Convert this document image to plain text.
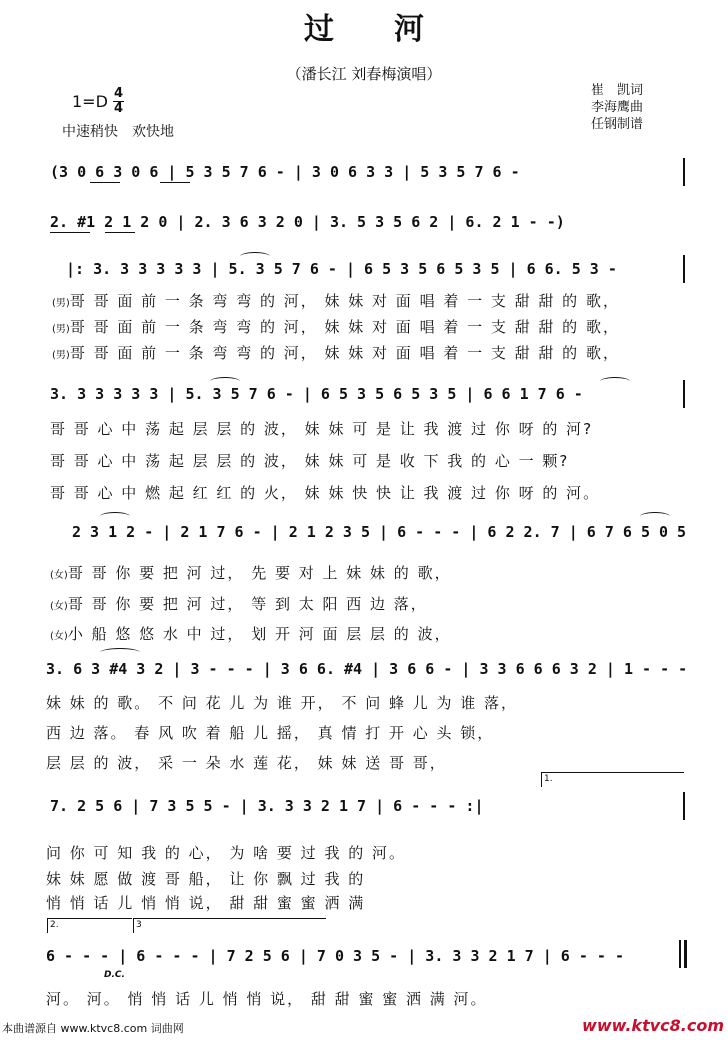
过河
（潘长江 刘春梅演唱）
崔　凯词
李海鹰曲
任钢制谱
1=D 4
4
中速稍快　欢快地
(3 0 6 3 0 6 | 5 3 5 7 6 - | 3 0 6 3 3 | 5 3 5 7 6 -
2. #1 2 1 2 0 | 2. 3 6 3 2 0 | 3. 5 3 5 6 2 | 6. 2 1 - -)
|: 3. 3 3 3 3 3 | 5. 3 5 7 6 - | 6 5 3 5 6 5 3 5 | 6 6. 5 3 -
(男)哥 哥 面 前 一 条 弯 弯 的 河， 妹 妹 对 面 唱 着 一 支 甜 甜 的 歌，
(男)哥 哥 面 前 一 条 弯 弯 的 河， 妹 妹 对 面 唱 着 一 支 甜 甜 的 歌，
(男)哥 哥 面 前 一 条 弯 弯 的 河， 妹 妹 对 面 唱 着 一 支 甜 甜 的 歌，
3. 3 3 3 3 3 | 5. 3 5 7 6 - | 6 5 3 5 6 5 3 5 | 6 6 1 7 6 -
哥 哥 心 中 荡 起 层 层 的 波， 妹 妹 可 是 让 我 渡 过 你 呀 的 河?
哥 哥 心 中 荡 起 层 层 的 波， 妹 妹 可 是 收 下 我 的 心 一 颗?
哥 哥 心 中 燃 起 红 红 的 火， 妹 妹 快 快 让 我 渡 过 你 呀 的 河。
2 3 1 2 - | 2 1 7 6 - | 2 1 2 3 5 | 6 - - - | 6 2 2. 7 | 6 7 6 5 0 5
(女)哥 哥 你 要 把 河 过， 先 要 对 上 妹 妹 的 歌，
(女)哥 哥 你 要 把 河 过， 等 到 太 阳 西 边 落，
(女)小 船 悠 悠 水 中 过， 划 开 河 面 层 层 的 波，
3. 6 3 #4 3 2 | 3 - - - | 3 6 6. #4 | 3 6 6 - | 3 3 6 6 6 3 2 | 1 - - -
妹 妹 的 歌。 不 问 花 儿 为 谁 开， 不 问 蜂 儿 为 谁 落，
西 边 落。 春 风 吹 着 船 儿 摇， 真 情 打 开 心 头 锁，
层 层 的 波， 采 一 朵 水 莲 花， 妹 妹 送 哥 哥，
1.
7. 2 5 6 | 7 3 5 5 - | 3. 3 3 2 1 7 | 6 - - - :|
问 你 可 知 我 的 心， 为 啥 要 过 我 的 河。
妹 妹 愿 做 渡 哥 船， 让 你 飘 过 我 的
悄 悄 话 儿 悄 悄 说， 甜 甜 蜜 蜜 洒 满
2.	3
6 - - - | 6 - - - | 7 2 5 6 | 7 0 3 5 - | 3. 3 3 2 1 7 | 6 - - -
D.C.
河。 河。 悄 悄 话 儿 悄 悄 说， 甜 甜 蜜 蜜 洒 满 河。
本曲谱源自 www.ktvc8.com 词曲网	www.ktvc8.com
